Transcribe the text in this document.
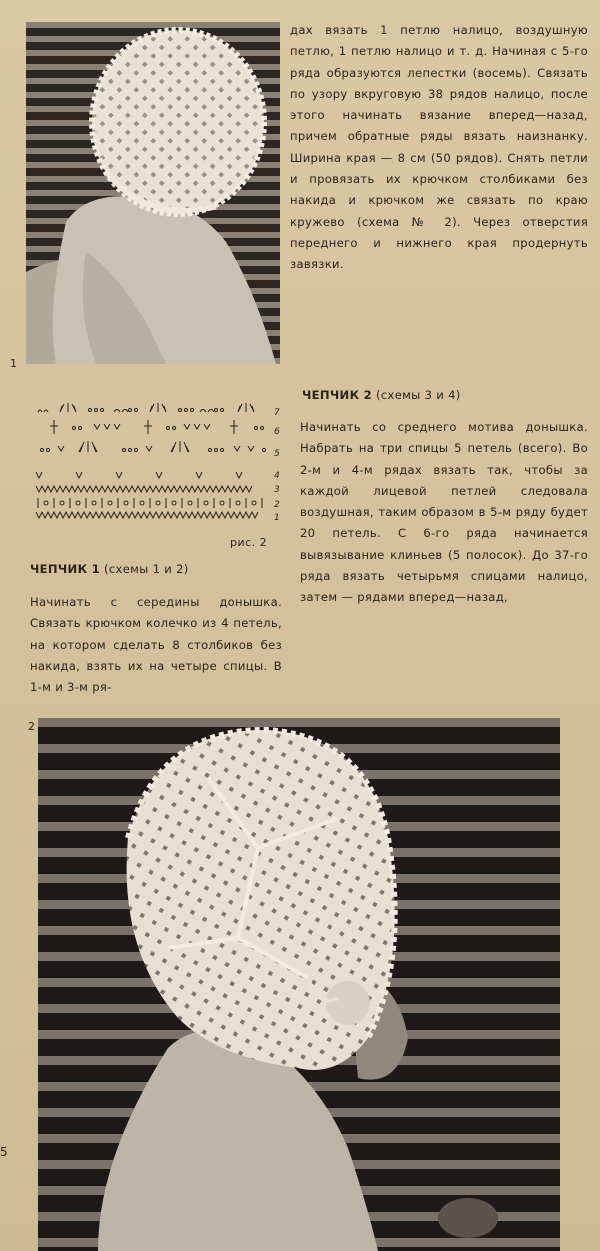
1

дах вязать 1 петлю налицо, воздушную петлю, 1 петлю налицо и т. д. Начиная с 5-го ряда образуются лепестки (восемь). Связать по узору вкруговую 38 рядов налицо, после этого начинать вязание вперед—назад, причем обратные ряды вязать наизнанку. Ширина края — 8 см (50 рядов). Снять петли и провязать их крючком столбиками без накида и крючком же связать по краю кружево (схема № 2). Через отверстия переднего и нижнего края продернуть завязки.

ЧЕПЧИК 2 (схемы 3 и 4)

Начинать со среднего мотива донышка. Набрать на три спицы 5 петель (всего). Во 2-м и 4-м рядах вязать так, чтобы за каждой лицевой петлей следовала воздушная, таким образом в 5-м ряду будет 20 петель. С 6-го ряда начинается вывязывание клиньев (5 полосок). До 37-го ряда вязать четырьмя спицами налицо, затем — рядами вперед—назад,

7
6
5
4
3
2
1
рис. 2
ЧЕПЧИК 1 (схемы 1 и 2)

Начинать с середины донышка. Связать крючком колечко из 4 петель, на котором сделать 8 столбиков без накида, взять их на четыре спицы. В 1-м и 3-м ря-

2
5
